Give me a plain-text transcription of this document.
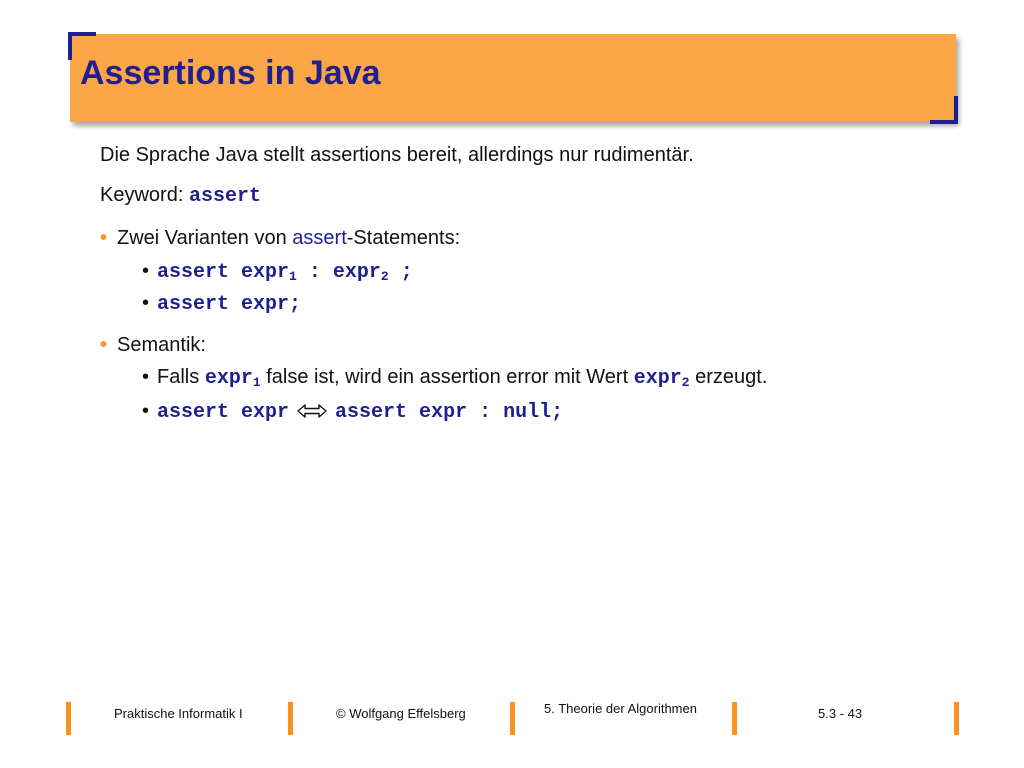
Assertions in Java
Die Sprache Java stellt assertions bereit, allerdings nur rudimentär.
Keyword: assert
• Zwei Varianten von assert-Statements:
• assert expr$_1$ : expr$_2$ ;
• assert expr;
• Semantik:
• Falls expr$_1$ false ist, wird ein assertion error mit Wert expr$_2$ erzeugt.
• assert expr assert expr : null;
Praktische Informatik I	© Wolfgang Effelsberg	5. Theorie der Algorithmen	5.3 - 43
